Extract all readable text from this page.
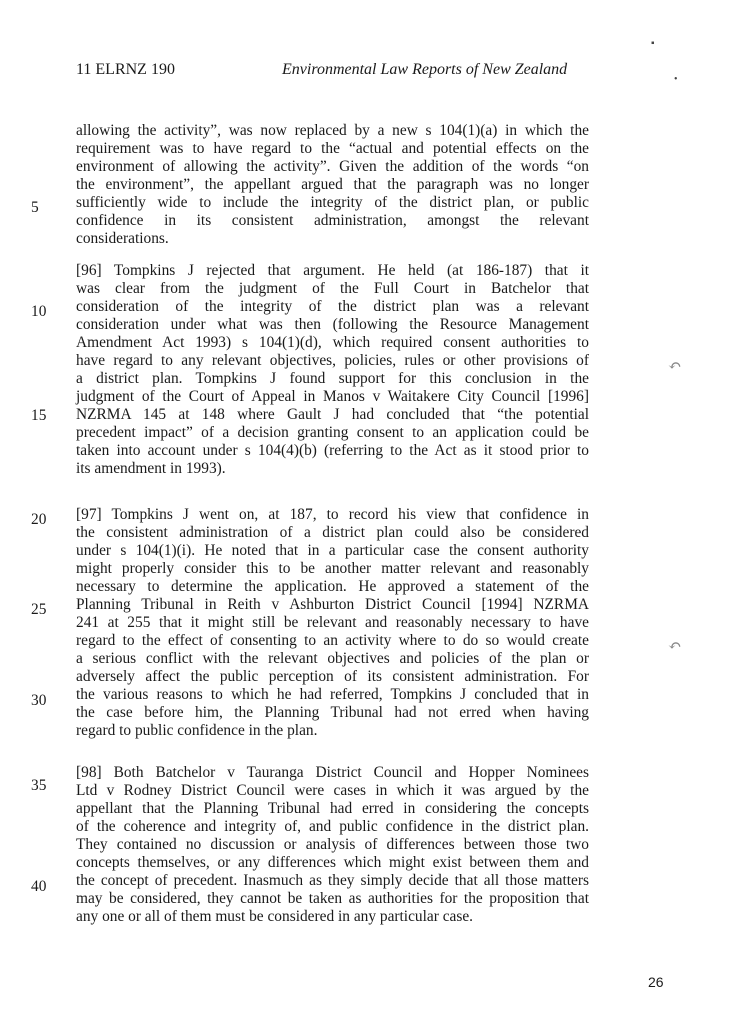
11 ELRNZ 190	Environmental Law Reports of New Zealand
5
10
15
20
25
30
35
40
allowing the activity”, was now replaced by a new s 104(1)(a) in which the
requirement was to have regard to the “actual and potential effects on the
environment of allowing the activity”. Given the addition of the words “on
the environment”, the appellant argued that the paragraph was no longer
sufficiently wide to include the integrity of the district plan, or public
confidence in its consistent administration, amongst the relevant
considerations.
[96] Tompkins J rejected that argument. He held (at 186-187) that it
was clear from the judgment of the Full Court in Batchelor that
consideration of the integrity of the district plan was a relevant
consideration under what was then (following the Resource Management
Amendment Act 1993) s 104(1)(d), which required consent authorities to
have regard to any relevant objectives, policies, rules or other provisions of
a district plan. Tompkins J found support for this conclusion in the
judgment of the Court of Appeal in Manos v Waitakere City Council [1996]
NZRMA 145 at 148 where Gault J had concluded that “the potential
precedent impact” of a decision granting consent to an application could be
taken into account under s 104(4)(b) (referring to the Act as it stood prior to
its amendment in 1993).
[97] Tompkins J went on, at 187, to record his view that confidence in
the consistent administration of a district plan could also be considered
under s 104(1)(i). He noted that in a particular case the consent authority
might properly consider this to be another matter relevant and reasonably
necessary to determine the application. He approved a statement of the
Planning Tribunal in Reith v Ashburton District Council [1994] NZRMA
241 at 255 that it might still be relevant and reasonably necessary to have
regard to the effect of consenting to an activity where to do so would create
a serious conflict with the relevant objectives and policies of the plan or
adversely affect the public perception of its consistent administration. For
the various reasons to which he had referred, Tompkins J concluded that in
the case before him, the Planning Tribunal had not erred when having
regard to public confidence in the plan.
[98] Both Batchelor v Tauranga District Council and Hopper Nominees
Ltd v Rodney District Council were cases in which it was argued by the
appellant that the Planning Tribunal had erred in considering the concepts
of the coherence and integrity of, and public confidence in the district plan.
They contained no discussion or analysis of differences between those two
concepts themselves, or any differences which might exist between them and
the concept of precedent. Inasmuch as they simply decide that all those matters
may be considered, they cannot be taken as authorities for the proposition that
any one or all of them must be considered in any particular case.
26
▪
•
↶
↶
